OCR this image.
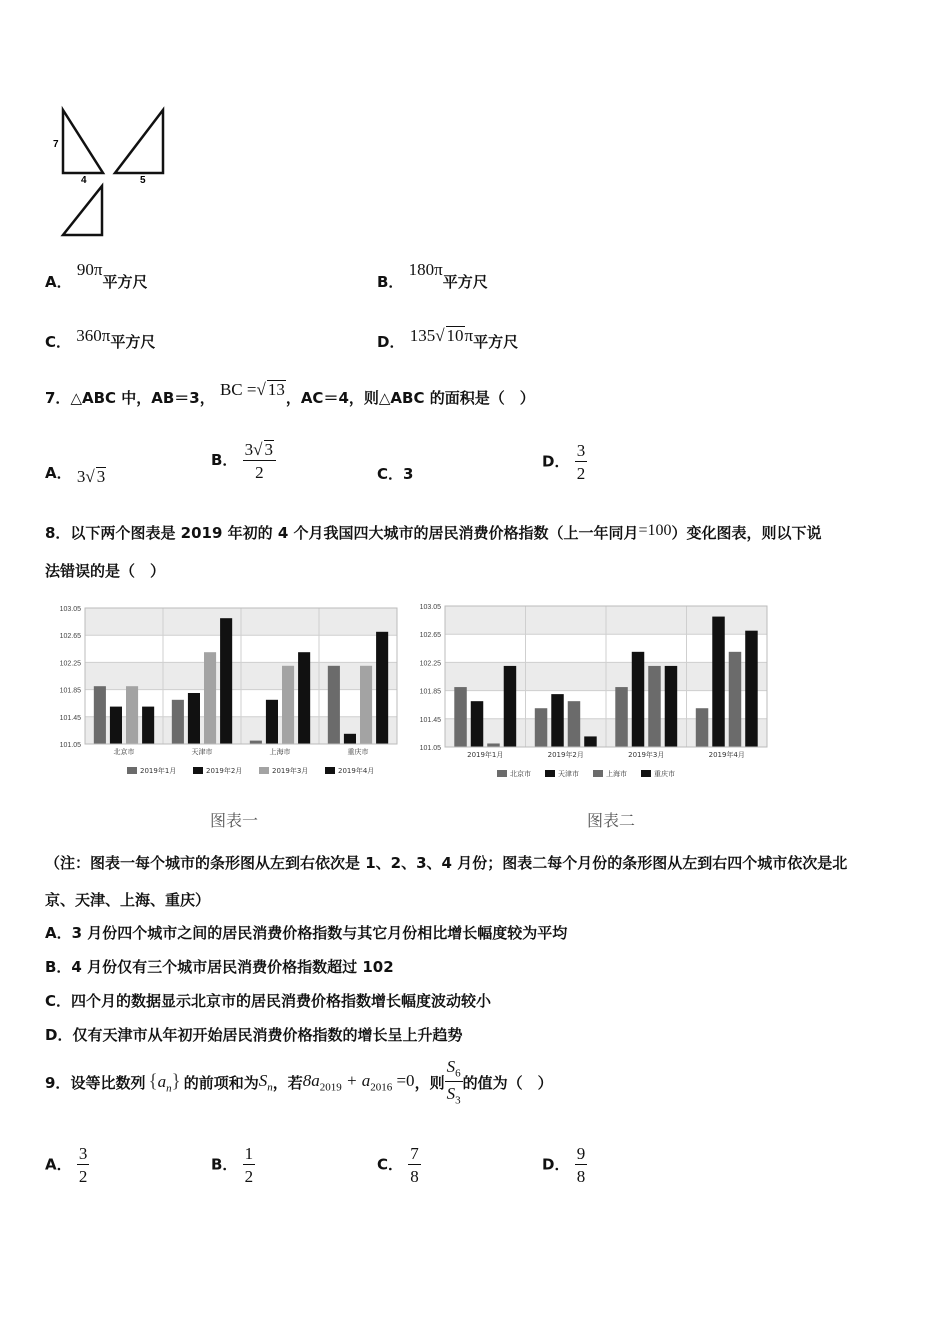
7
4	5
A． 90π平方尺	B． 180π平方尺
C． 360π平方尺	D． 135√ 10π平方尺
7．△ABC 中，AB＝3， BC =√ 13，AC＝4，则△ABC 的面积是（　）
A． 3√ 3
B． $\frac{3√ 3}{2}$	C．3
D． $\frac{3}{2}$
8．以下两个图表是 2019 年初的 4 个月我国四大城市的居民消费价格指数（上一年同月=100）变化图表，则以下说
法错误的是（　）
103.05
102.65
102.25
101.85
101.45
101.05
北京市	天津市	上海市	重庆市
2019年1月	2019年2月	2019年3月	2019年4月
103.05
102.65
102.25
101.85
101.45
101.05
2019年1月	2019年2月	2019年3月	2019年4月
北京市	天津市	上海市	重庆市
图表一	图表二
（注：图表一每个城市的条形图从左到右依次是 1、2、3、4 月份；图表二每个月份的条形图从左到右四个城市依次是北
京、天津、上海、重庆）
A．3 月份四个城市之间的居民消费价格指数与其它月份相比增长幅度较为平均
B．4 月份仅有三个城市居民消费价格指数超过 102
C．四个月的数据显示北京市的居民消费价格指数增长幅度波动较小
D．仅有天津市从年初开始居民消费价格指数的增长呈上升趋势
9． 设等比数列 $\{a_n\}$ 的前项和为 $S_n$ ，若 $8a_{2019} + a_{2016} =0$ ，则 $\frac{S_6}{S_3}$ 的值为（　）
A． $\frac{3}{2}$	B． $\frac{1}{2}$	C． $\frac{7}{8}$	D． $\frac{9}{8}$
